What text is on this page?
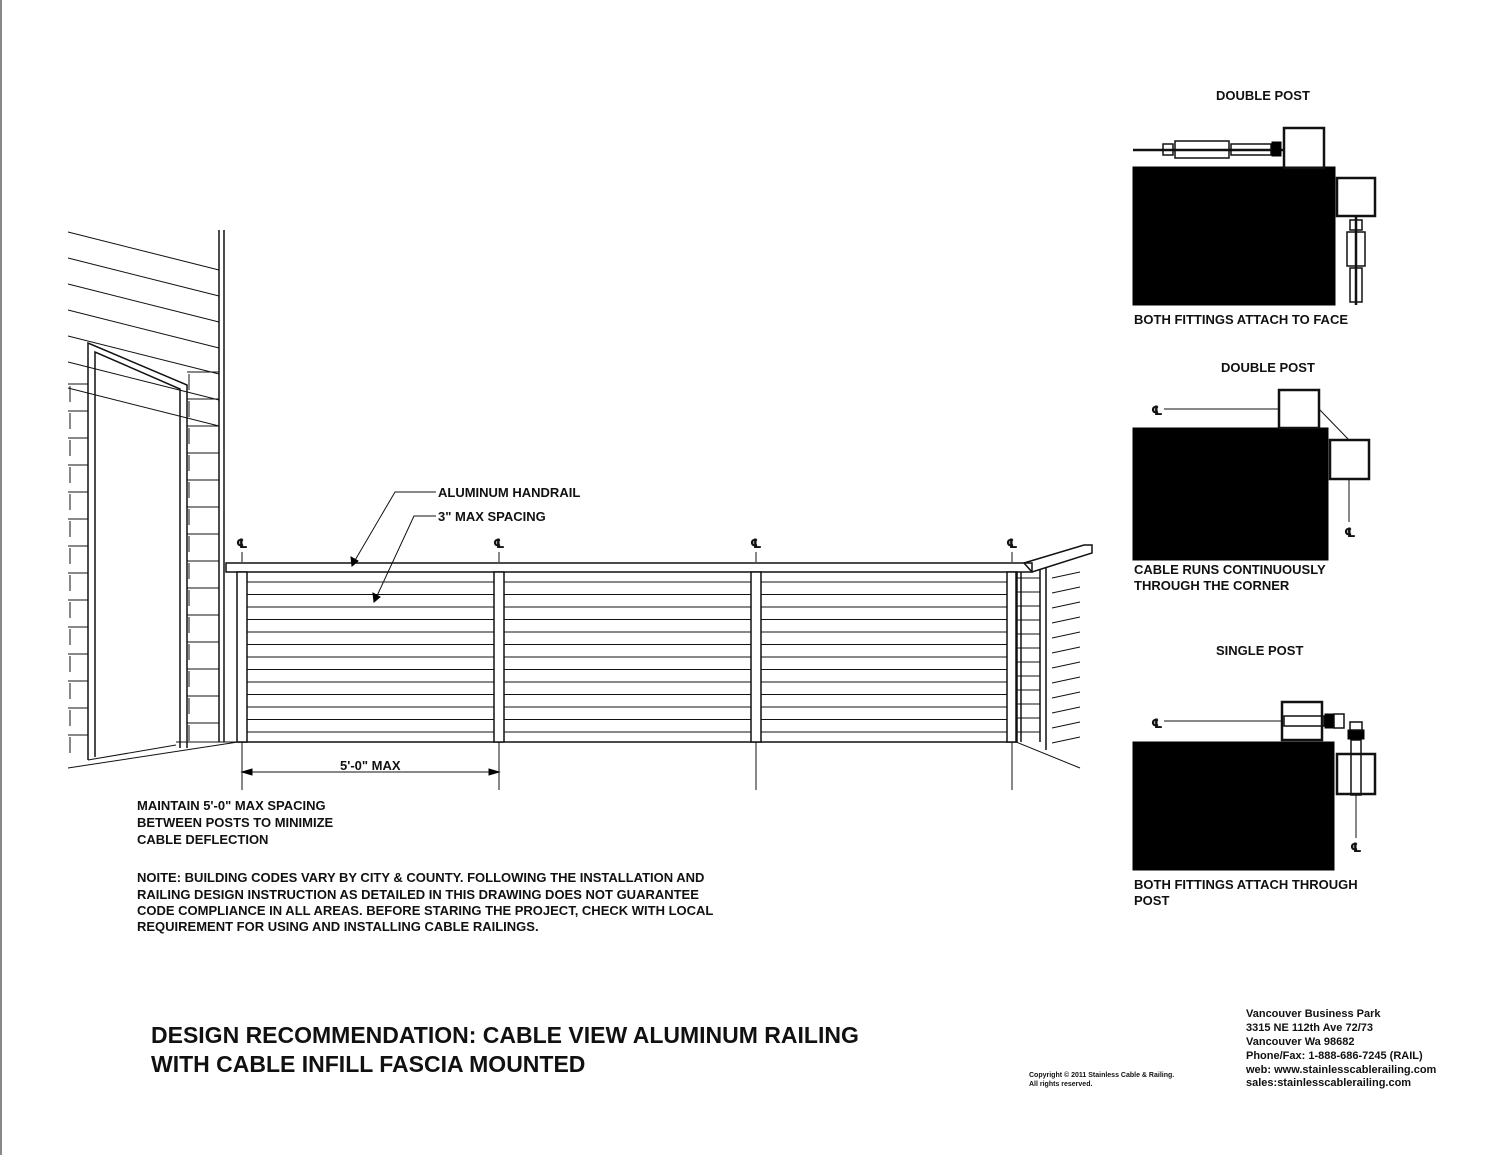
℄	℄	℄	℄
ALUMINUM HANDRAIL
3" MAX SPACING
5'-0" MAX
MAINTAIN 5'-0" MAX SPACING
BETWEEN POSTS TO MINIMIZE
CABLE DEFLECTION
NOITE: BUILDING CODES VARY BY CITY & COUNTY. FOLLOWING THE INSTALLATION AND
RAILING DESIGN INSTRUCTION AS DETAILED IN THIS DRAWING DOES NOT GUARANTEE
CODE COMPLIANCE IN ALL AREAS. BEFORE STARING THE PROJECT, CHECK WITH LOCAL
REQUIREMENT FOR USING AND INSTALLING CABLE RAILINGS.
DOUBLE POST
BOTH FITTINGS ATTACH TO FACE
DOUBLE POST
℄
℄
CABLE RUNS CONTINUOUSLY
THROUGH THE CORNER
SINGLE POST
℄
℄
BOTH FITTINGS ATTACH THROUGH
POST
DESIGN RECOMMENDATION: CABLE VIEW ALUMINUM RAILING
WITH CABLE INFILL FASCIA MOUNTED	Copyright © 2011 Stainless Cable & Railing.
All rights reserved.
Vancouver Business Park
3315 NE 112th Ave 72/73
Vancouver Wa 98682
Phone/Fax: 1-888-686-7245 (RAIL)
web: www.stainlesscablerailing.com
sales:stainlesscablerailing.com
